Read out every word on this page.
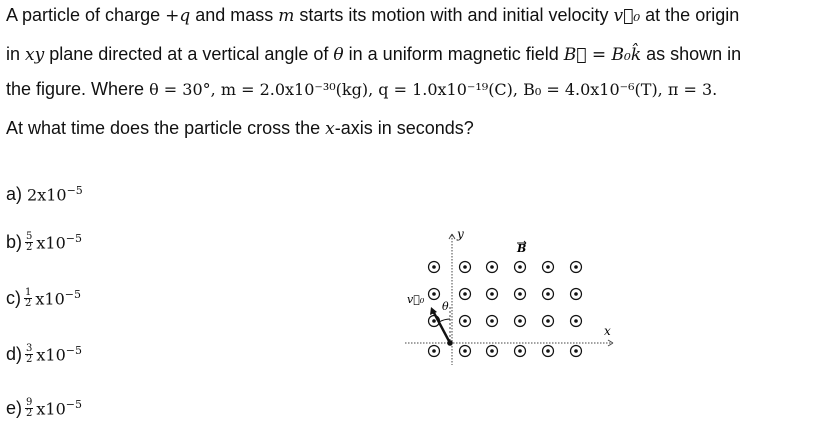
A particle of charge +q and mass m starts its motion with and initial velocity v⃗₀ at the origin
in xy plane directed at a vertical angle of θ in a uniform magnetic field B⃗ = B₀k̂ as shown in
the figure. Where θ = 30°, m = 2.0x10⁻³⁰(kg), q = 1.0x10⁻¹⁹(C), B₀ = 4.0x10⁻⁶(T), π = 3.
At what time does the particle cross the x-axis in seconds?
a) $2x10^{-5}$
$b) \frac{5}{2} x10^{-5}$
$c) \frac{1}{2} x10^{-5}$
$d) \frac{3}{2} x10^{-5}$
$e) \frac{9}{2} x10^{-5}$
y
x
B
v⃗₀
θ
